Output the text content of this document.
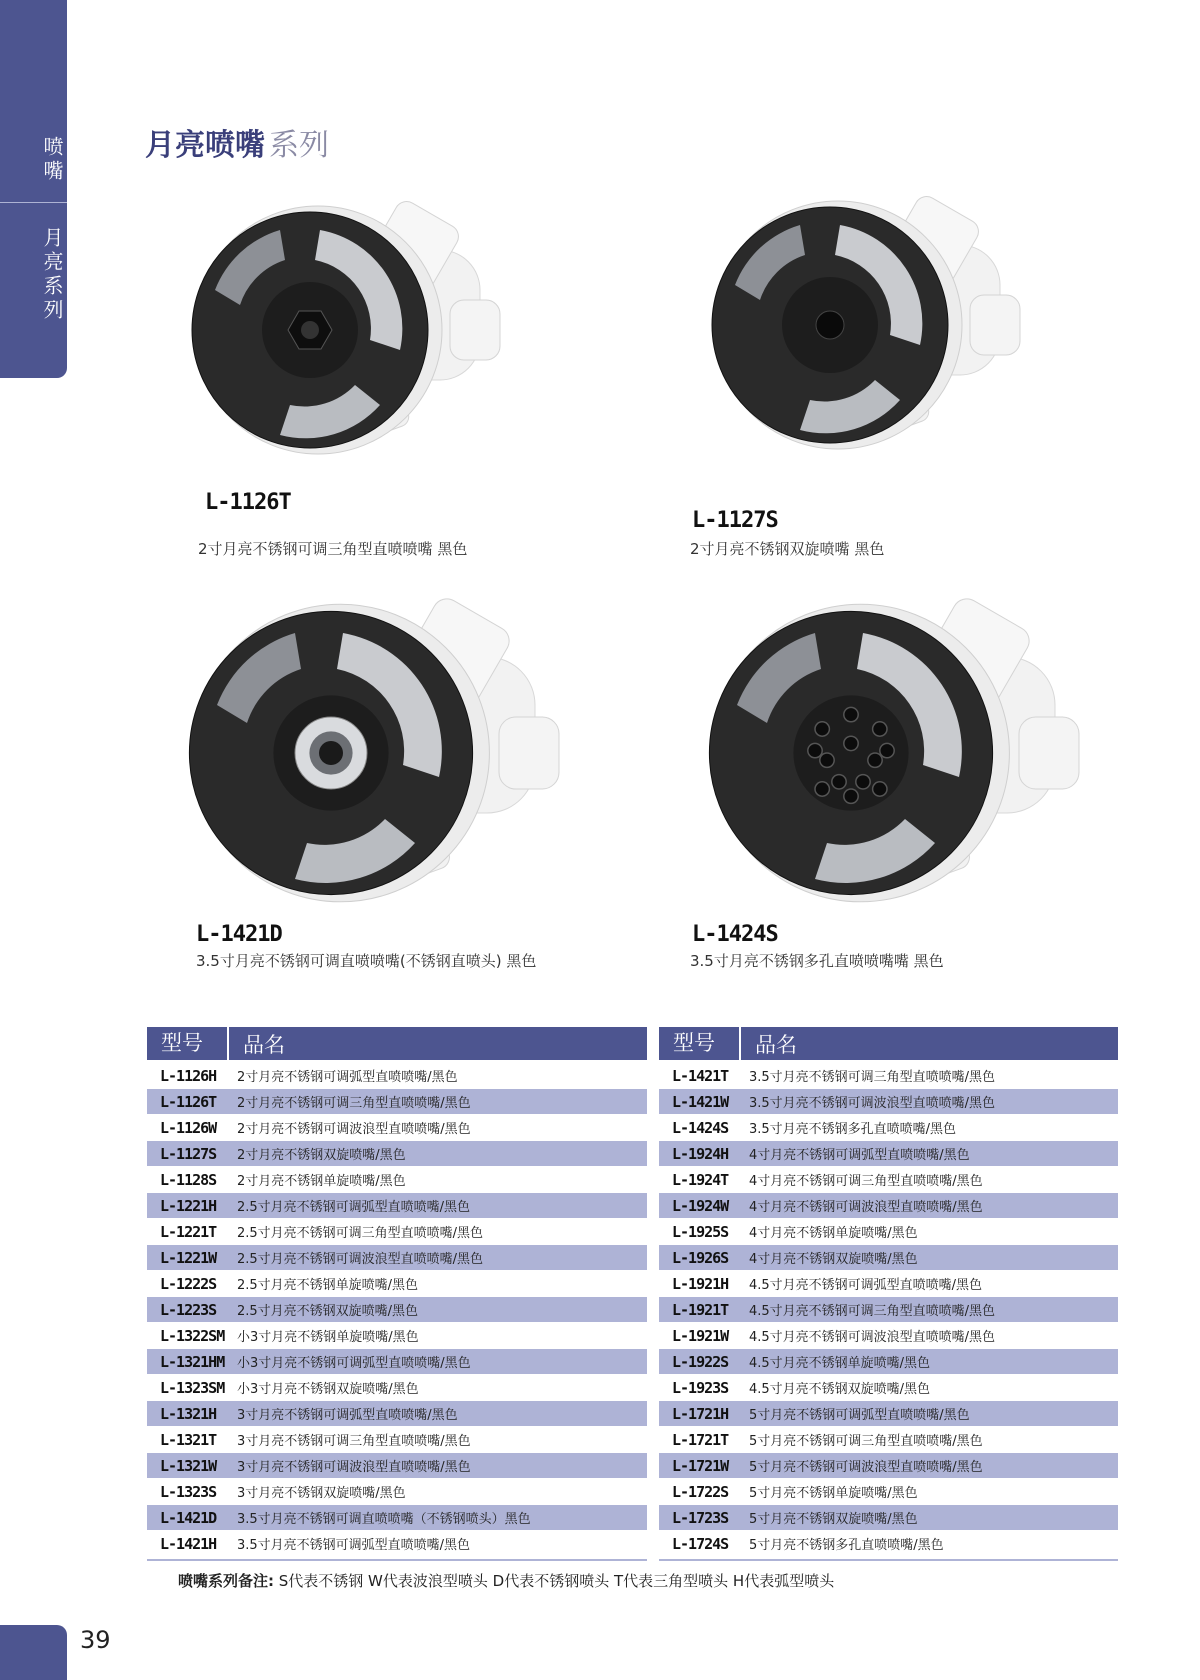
喷嘴
月亮系列
月亮喷嘴 系列
L-1126T
2寸月亮不锈钢可调三角型直喷喷嘴 黑色
L-1127S
2寸月亮不锈钢双旋喷嘴 黑色
L-1421D
3.5寸月亮不锈钢可调直喷喷嘴(不锈钢直喷头) 黑色
L-1424S
3.5寸月亮不锈钢多孔直喷喷嘴嘴 黑色
型号	品名
L-1126H	2寸月亮不锈钢可调弧型直喷喷嘴/黑色
L-1126T	2寸月亮不锈钢可调三角型直喷喷嘴/黑色
L-1126W	2寸月亮不锈钢可调波浪型直喷喷嘴/黑色
L-1127S	2寸月亮不锈钢双旋喷嘴/黑色
L-1128S	2寸月亮不锈钢单旋喷嘴/黑色
L-1221H	2.5寸月亮不锈钢可调弧型直喷喷嘴/黑色
L-1221T	2.5寸月亮不锈钢可调三角型直喷喷嘴/黑色
L-1221W	2.5寸月亮不锈钢可调波浪型直喷喷嘴/黑色
L-1222S	2.5寸月亮不锈钢单旋喷嘴/黑色
L-1223S	2.5寸月亮不锈钢双旋喷嘴/黑色
L-1322SM 小3寸月亮不锈钢单旋喷嘴/黑色
L-1321HM 小3寸月亮不锈钢可调弧型直喷喷嘴/黑色
L-1323SM 小3寸月亮不锈钢双旋喷嘴/黑色
L-1321H	3寸月亮不锈钢可调弧型直喷喷嘴/黑色
L-1321T	3寸月亮不锈钢可调三角型直喷喷嘴/黑色
L-1321W	3寸月亮不锈钢可调波浪型直喷喷嘴/黑色
L-1323S	3寸月亮不锈钢双旋喷嘴/黑色
L-1421D	3.5寸月亮不锈钢可调直喷喷嘴（不锈钢喷头）黑色
L-1421H	3.5寸月亮不锈钢可调弧型直喷喷嘴/黑色
型号	品名
L-1421T	3.5寸月亮不锈钢可调三角型直喷喷嘴/黑色
L-1421W	3.5寸月亮不锈钢可调波浪型直喷喷嘴/黑色
L-1424S	3.5寸月亮不锈钢多孔直喷喷嘴/黑色
L-1924H	4寸月亮不锈钢可调弧型直喷喷嘴/黑色
L-1924T	4寸月亮不锈钢可调三角型直喷喷嘴/黑色
L-1924W	4寸月亮不锈钢可调波浪型直喷喷嘴/黑色
L-1925S	4寸月亮不锈钢单旋喷嘴/黑色
L-1926S	4寸月亮不锈钢双旋喷嘴/黑色
L-1921H	4.5寸月亮不锈钢可调弧型直喷喷嘴/黑色
L-1921T	4.5寸月亮不锈钢可调三角型直喷喷嘴/黑色
L-1921W	4.5寸月亮不锈钢可调波浪型直喷喷嘴/黑色
L-1922S	4.5寸月亮不锈钢单旋喷嘴/黑色
L-1923S	4.5寸月亮不锈钢双旋喷嘴/黑色
L-1721H	5寸月亮不锈钢可调弧型直喷喷嘴/黑色
L-1721T	5寸月亮不锈钢可调三角型直喷喷嘴/黑色
L-1721W	5寸月亮不锈钢可调波浪型直喷喷嘴/黑色
L-1722S	5寸月亮不锈钢单旋喷嘴/黑色
L-1723S	5寸月亮不锈钢双旋喷嘴/黑色
L-1724S	5寸月亮不锈钢多孔直喷喷嘴/黑色
喷嘴系列备注: S代表不锈钢 W代表波浪型喷头 D代表不锈钢喷头 T代表三角型喷头 H代表弧型喷头
39
